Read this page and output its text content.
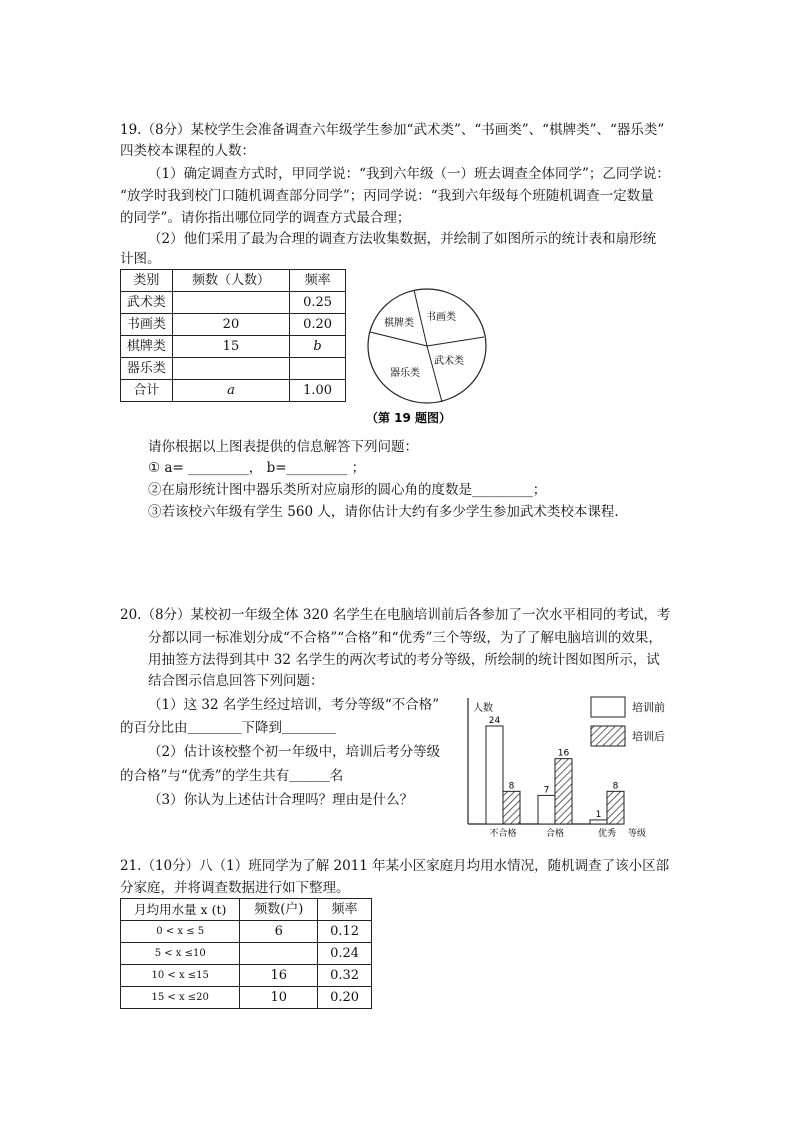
19.（8分）某校学生会准备调查六年级学生参加“武术类”、“书画类”、“棋牌类”、“器乐类”
四类校本课程的人数：
（1）确定调查方式时，甲同学说：“我到六年级（一）班去调查全体同学”；乙同学说：
“放学时我到校门口随机调查部分同学”；丙同学说：“我到六年级每个班随机调查一定数量
的同学”。请你指出哪位同学的调查方式最合理；
（2）他们采用了最为合理的调查方法收集数据，并绘制了如图所示的统计表和扇形统
计图。
类别	频数（人数）	频率
武术类		0.25
书画类	20	0.20
棋牌类	15	b
器乐类		
合计	a	1.00
棋牌类
书画类
武术类
器乐类
（第 19 题图）
请你根据以上图表提供的信息解答下列问题：
① a= _________， b=_________ ；
②在扇形统计图中器乐类所对应扇形的圆心角的度数是_________；
③若该校六年级有学生 560 人，请你估计大约有多少学生参加武术类校本课程.
20.（8分）某校初一年级全体 320 名学生在电脑培训前后各参加了一次水平相同的考试，考
分都以同一标准划分成“不合格”“合格”和“优秀”三个等级，为了了解电脑培训的效果，
用抽签方法得到其中 32 名学生的两次考试的考分等级，所绘制的统计图如图所示，试
结合图示信息回答下列问题：
（1）这 32 名学生经过培训，考分等级“不合格”
的百分比由＿＿＿＿下降到＿＿＿＿
（2）估计该校整个初一年级中，培训后考分等级
的合格”与“优秀”的学生共有＿＿＿名
（3）你认为上述估计合理吗？理由是什么？
人数
等级
24
8
不合格
7
16
合格
1
8
优秀
培训前
培训后
21.（10分）八（1）班同学为了解 2011 年某小区家庭月均用水情况，随机调查了该小区部
分家庭，并将调查数据进行如下整理。
月均用水量 x (t)	频数(户)	频率
0 < x ≤ 5	6	0.12
5 < x ≤10		0.24
10 < x ≤15	16	0.32
15 < x ≤20	10	0.20
